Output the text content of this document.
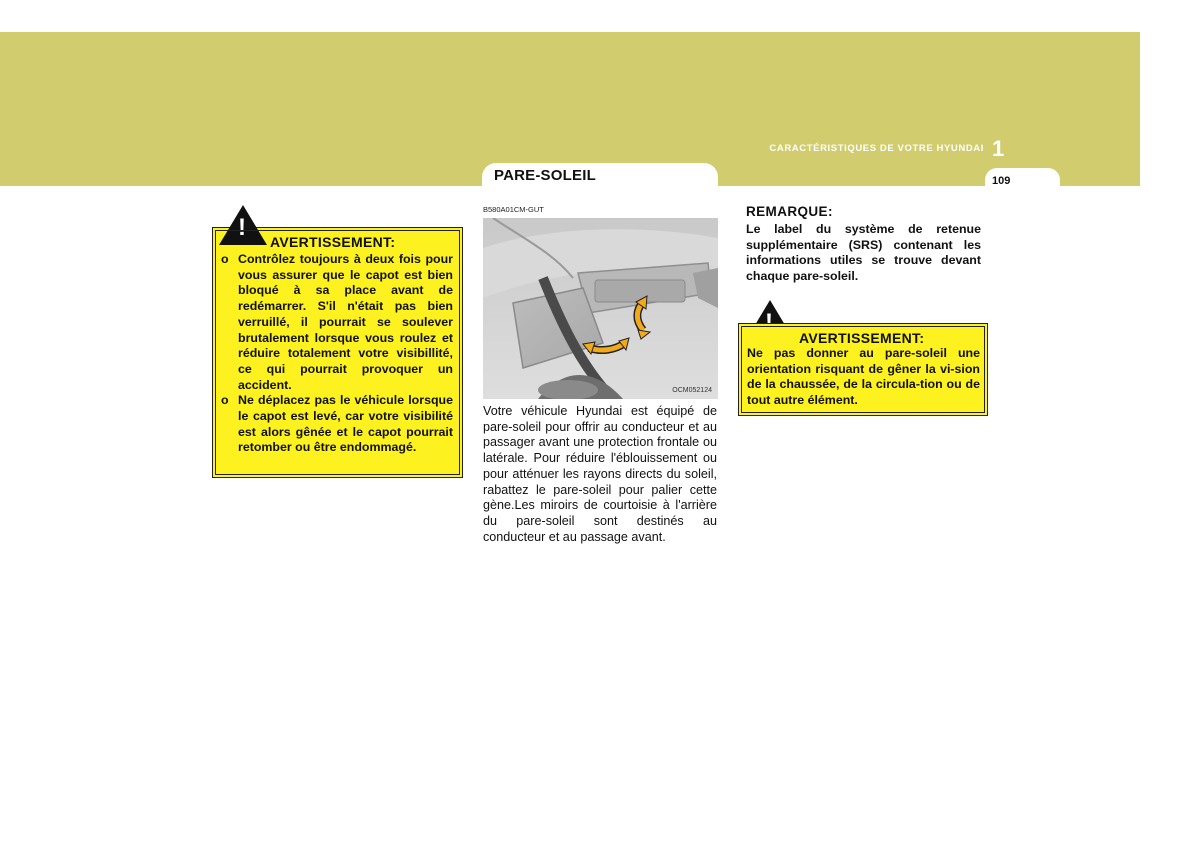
CARACTÉRISTIQUES DE VOTRE HYUNDAI 1
109
PARE-SOLEIL
!
AVERTISSEMENT:
o Contrôlez toujours à deux fois pour vous assurer que le capot est bien bloqué à sa place avant de redémarrer. S'il n'était pas bien verruillé, il pourrait se soulever brutalement lorsque vous roulez et réduire totalement votre visibillité, ce qui pourrait provoquer un accident.
o Ne déplacez pas le véhicule lorsque le capot est levé, car votre visibilité est alors gênée et le capot pourrait retomber ou être endommagé.
B580A01CM-GUT
OCM052124

Votre véhicule Hyundai est équipé de pare-soleil pour offrir au conducteur et au passager avant une protection frontale ou latérale. Pour réduire l'éblouissement ou pour atténuer les rayons directs du soleil, rabattez le pare-soleil pour palier cette gène.Les miroirs de courtoisie à l'arrière du pare-soleil sont destinés au conducteur et au passage avant.

REMARQUE:

Le label du système de retenue supplémentaire (SRS) contenant les informations utiles se trouve devant chaque pare-soleil.

AVERTISSEMENT:

Ne pas donner au pare-soleil une orientation risquant de gêner la vi-sion de la chaussée, de la circula-tion ou de tout autre élément.
